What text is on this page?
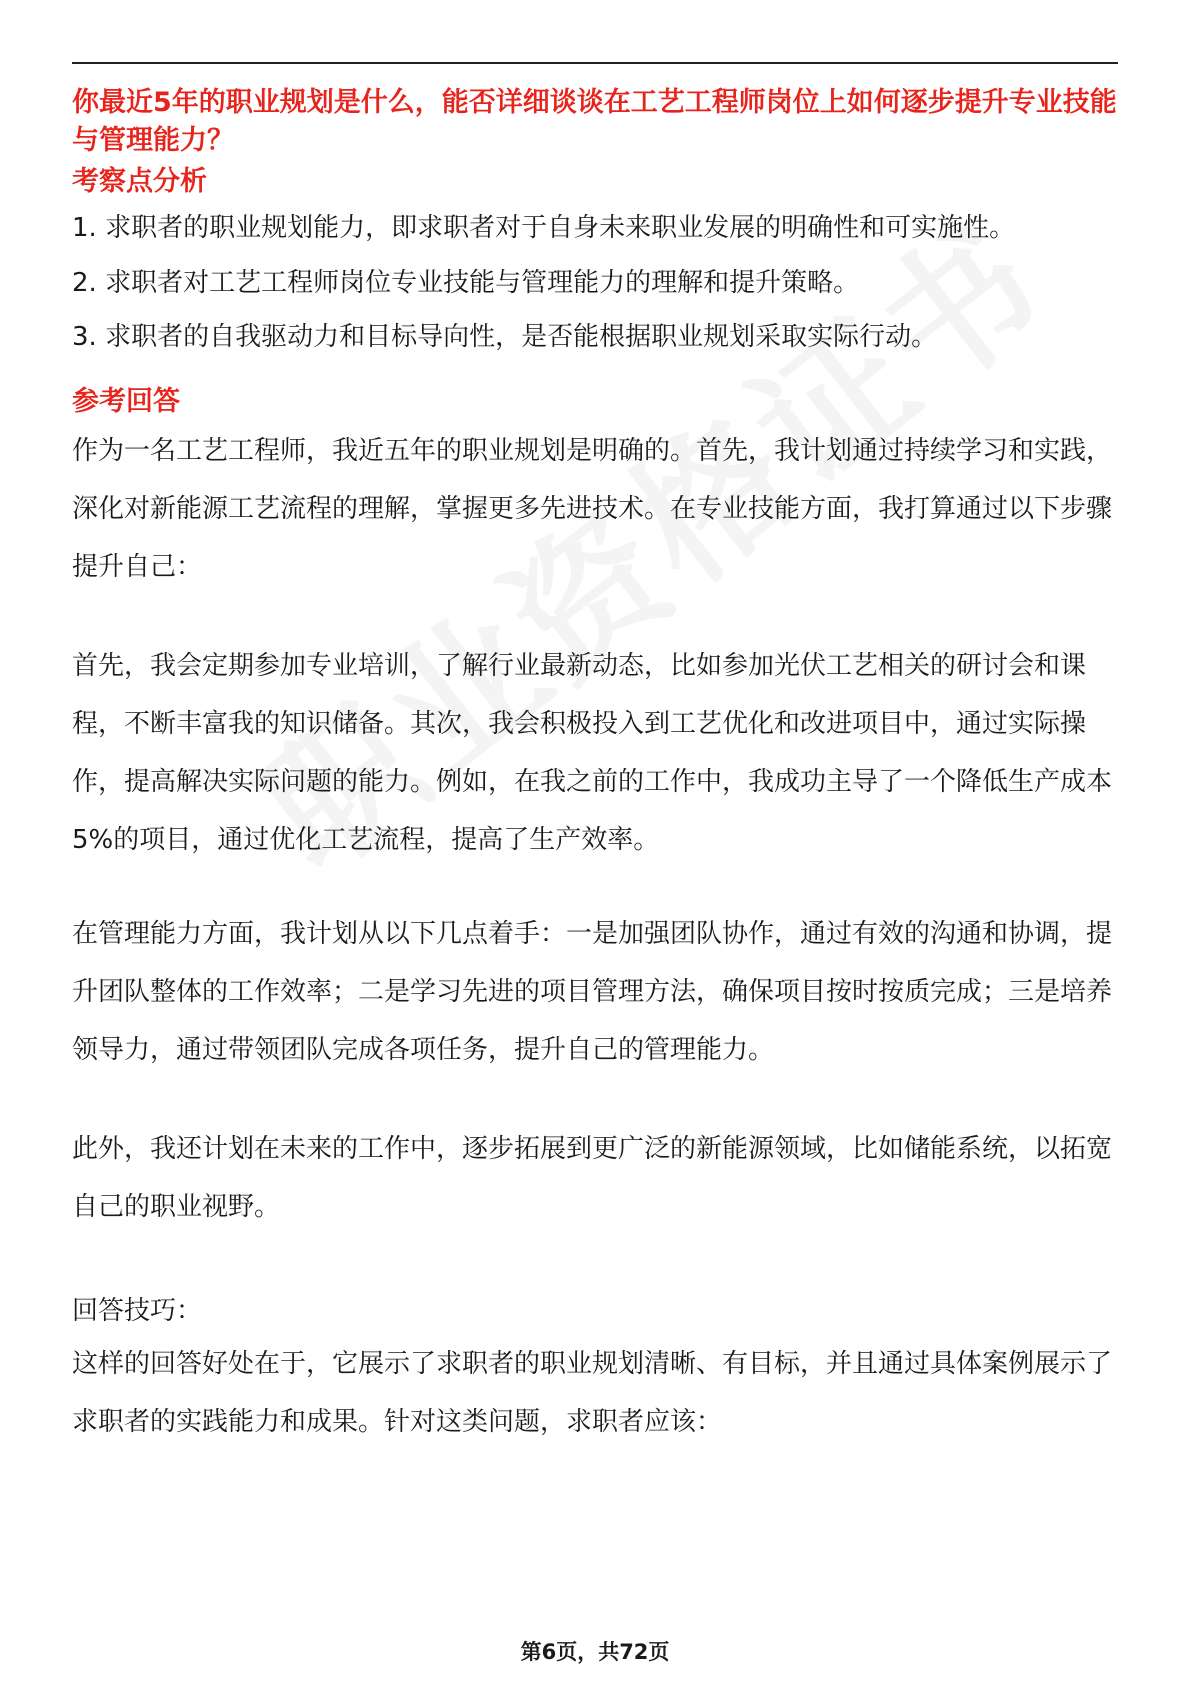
你最近5年的职业规划是什么，能否详细谈谈在工艺工程师岗位上如何逐步提升专业技能与管理能力？
考察点分析
1. 求职者的职业规划能力，即求职者对于自身未来职业发展的明确性和可实施性。
2. 求职者对工艺工程师岗位专业技能与管理能力的理解和提升策略。
3. 求职者的自我驱动力和目标导向性，是否能根据职业规划采取实际行动。
参考回答
作为一名工艺工程师，我近五年的职业规划是明确的。首先，我计划通过持续学习和实践，深化对新能源工艺流程的理解，掌握更多先进技术。在专业技能方面，我打算通过以下步骤提升自己：
首先，我会定期参加专业培训，了解行业最新动态，比如参加光伏工艺相关的研讨会和课程，不断丰富我的知识储备。其次，我会积极投入到工艺优化和改进项目中，通过实际操作，提高解决实际问题的能力。例如，在我之前的工作中，我成功主导了一个降低生产成本5%的项目，通过优化工艺流程，提高了生产效率。
在管理能力方面，我计划从以下几点着手：一是加强团队协作，通过有效的沟通和协调，提升团队整体的工作效率；二是学习先进的项目管理方法，确保项目按时按质完成；三是培养领导力，通过带领团队完成各项任务，提升自己的管理能力。
此外，我还计划在未来的工作中，逐步拓展到更广泛的新能源领域，比如储能系统，以拓宽自己的职业视野。
回答技巧：
这样的回答好处在于，它展示了求职者的职业规划清晰、有目标，并且通过具体案例展示了求职者的实践能力和成果。针对这类问题，求职者应该：
第6页，共72页
